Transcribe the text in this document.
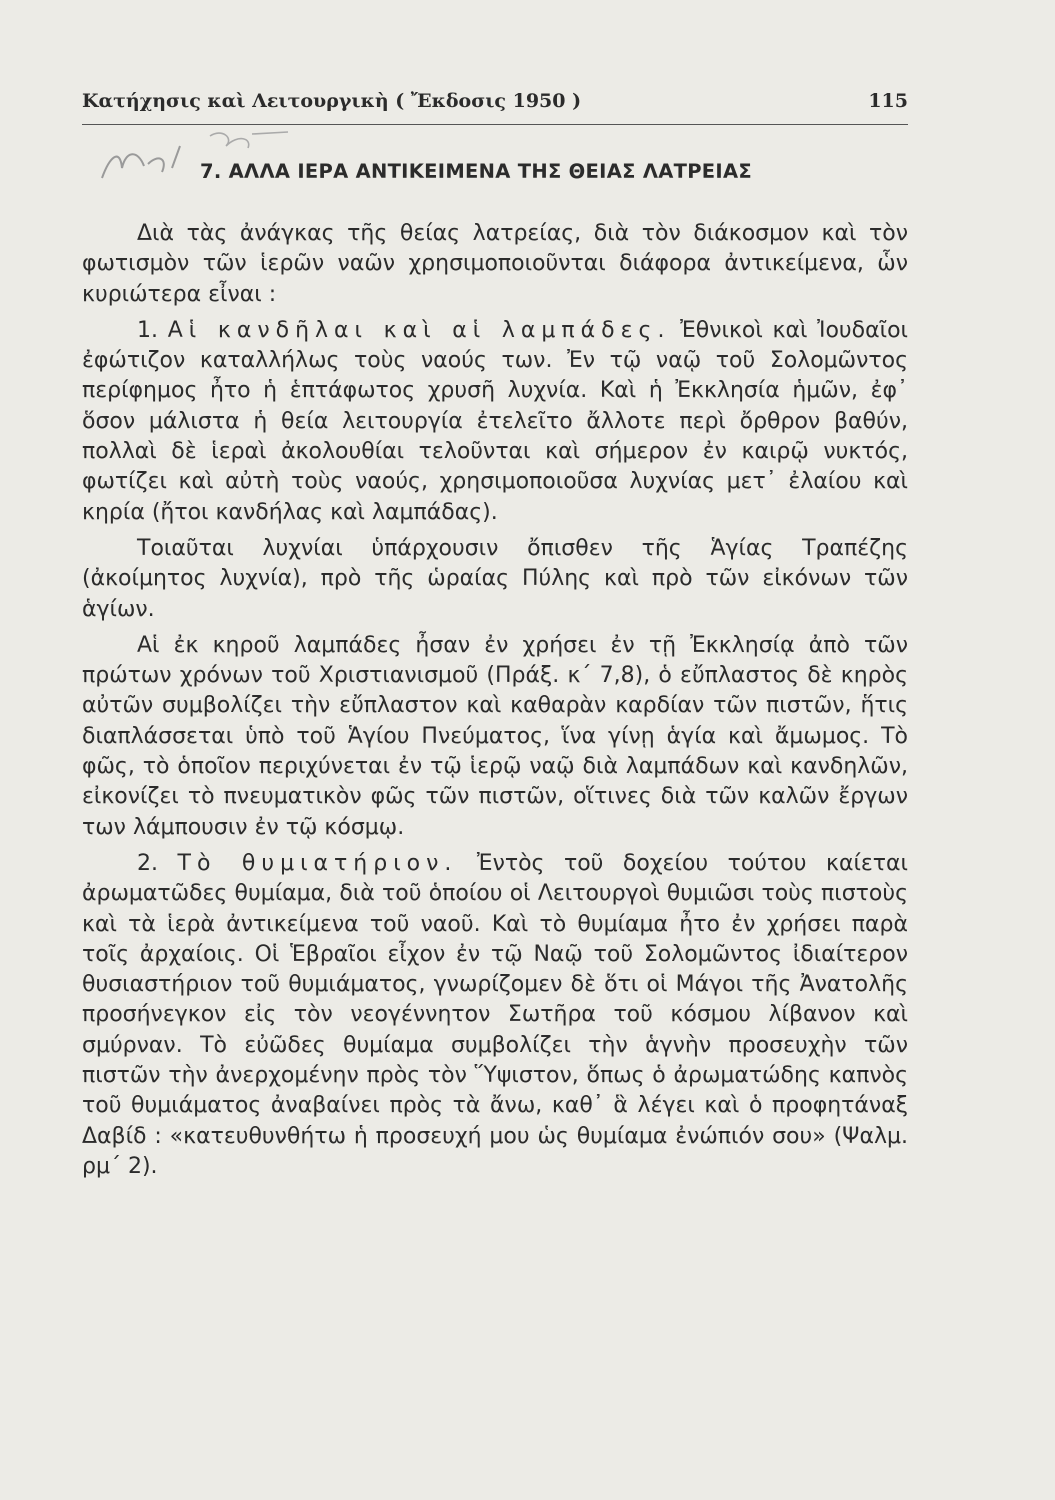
Κατήχησις καὶ Λειτουργικὴ ( Ἔκδοσις 1950 )	115
7. ΑΛΛΑ ΙΕΡΑ ΑΝΤΙΚΕΙΜΕΝΑ ΤΗΣ ΘΕΙΑΣ ΛΑΤΡΕΙΑΣ

Διὰ τὰς ἀνάγκας τῆς θείας λατρείας, διὰ τὸν διάκοσμον καὶ τὸν φωτισμὸν τῶν ἱερῶν ναῶν χρησιμοποιοῦνται διάφορα ἀντικείμενα, ὧν κυριώτερα εἶναι :

1. Αἱ κανδῆλαι καὶ αἱ λαμπάδες. Ἐθνικοὶ καὶ Ἰουδαῖοι ἐφώτιζον καταλλήλως τοὺς ναούς των. Ἐν τῷ ναῷ τοῦ Σολομῶντος περίφημος ἦτο ἡ ἑπτάφωτος χρυσῆ λυχνία. Καὶ ἡ Ἐκκλησία ἡμῶν, ἐφ᾽ ὅσον μάλιστα ἡ θεία λειτουργία ἐτελεῖτο ἄλλοτε περὶ ὄρθρον βαθύν, πολλαὶ δὲ ἱεραὶ ἀκολουθίαι τελοῦνται καὶ σήμερον ἐν καιρῷ νυκτός, φωτίζει καὶ αὐτὴ τοὺς ναούς, χρησιμοποιοῦσα λυχνίας μετ᾽ ἐλαίου καὶ κηρία (ἤτοι κανδήλας καὶ λαμπάδας).

Τοιαῦται λυχνίαι ὑπάρχουσιν ὄπισθεν τῆς Ἁγίας Τραπέζης (ἀκοίμητος λυχνία), πρὸ τῆς ὡραίας Πύλης καὶ πρὸ τῶν εἰκόνων τῶν ἁγίων.

Αἱ ἐκ κηροῦ λαμπάδες ἦσαν ἐν χρήσει ἐν τῇ Ἐκκλησίᾳ ἀπὸ τῶν πρώτων χρόνων τοῦ Χριστιανισμοῦ (Πράξ. κ΄ 7,8), ὁ εὔπλαστος δὲ κηρὸς αὐτῶν συμβολίζει τὴν εὔπλαστον καὶ καθαρὰν καρδίαν τῶν πιστῶν, ἥτις διαπλάσσεται ὑπὸ τοῦ Ἁγίου Πνεύματος, ἵνα γίνῃ ἁγία καὶ ἄμωμος. Τὸ φῶς, τὸ ὁποῖον περιχύνεται ἐν τῷ ἱερῷ ναῷ διὰ λαμπάδων καὶ κανδηλῶν, εἰκονίζει τὸ πνευματικὸν φῶς τῶν πιστῶν, οἵτινες διὰ τῶν καλῶν ἔργων των λάμπουσιν ἐν τῷ κόσμῳ.

2. Τὸ θυμιατήριον. Ἐντὸς τοῦ δοχείου τούτου καίεται ἀρωματῶδες θυμίαμα, διὰ τοῦ ὁποίου οἱ Λειτουργοὶ θυμιῶσι τοὺς πιστοὺς καὶ τὰ ἱερὰ ἀντικείμενα τοῦ ναοῦ. Καὶ τὸ θυμίαμα ἦτο ἐν χρήσει παρὰ τοῖς ἀρχαίοις. Οἱ Ἑβραῖοι εἶχον ἐν τῷ Ναῷ τοῦ Σολομῶντος ἰδιαίτερον θυσιαστήριον τοῦ θυμιάματος, γνωρίζομεν δὲ ὅτι οἱ Μάγοι τῆς Ἀνατολῆς προσήνεγκον εἰς τὸν νεογέννητον Σωτῆρα τοῦ κόσμου λίβανον καὶ σμύρναν. Τὸ εὐῶδες θυμίαμα συμβολίζει τὴν ἁγνὴν προσευχὴν τῶν πιστῶν τὴν ἀνερχομένην πρὸς τὸν Ὕψιστον, ὅπως ὁ ἀρωματώδης καπνὸς τοῦ θυμιάματος ἀναβαίνει πρὸς τὰ ἄνω, καθ᾽ ἃ λέγει καὶ ὁ προφητάναξ Δαβίδ : «κατευθυνθήτω ἡ προσευχή μου ὡς θυμίαμα ἐνώπιόν σου» (Ψαλμ. ρμ΄ 2).
